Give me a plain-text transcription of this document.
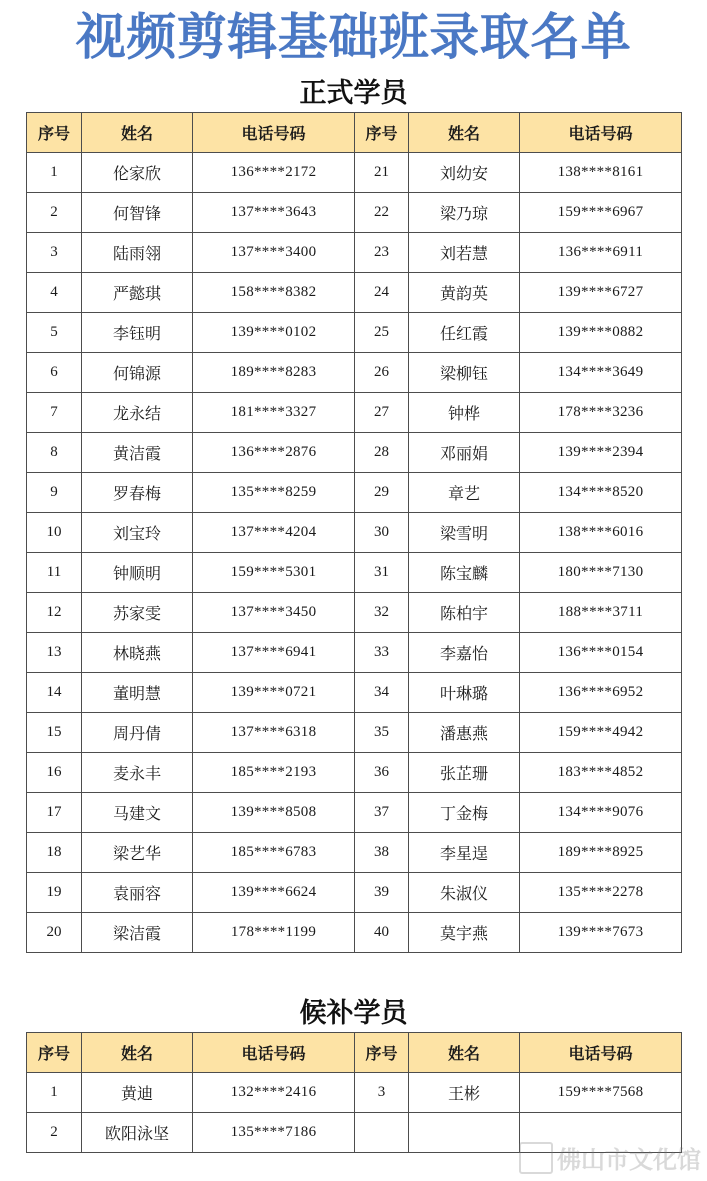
视频剪辑基础班录取名单
正式学员
序号	姓名	电话号码	序号	姓名	电话号码
1	伦家欣	136****2172	21	刘幼安	138****8161
2	何智锋	137****3643	22	梁乃琼	159****6967
3	陆雨翎	137****3400	23	刘若慧	136****6911
4	严懿琪	158****8382	24	黄韵英	139****6727
5	李钰明	139****0102	25	任红霞	139****0882
6	何锦源	189****8283	26	梁柳钰	134****3649
7	龙永结	181****3327	27	钟桦	178****3236
8	黄洁霞	136****2876	28	邓丽娟	139****2394
9	罗春梅	135****8259	29	章艺	134****8520
10	刘宝玲	137****4204	30	梁雪明	138****6016
11	钟顺明	159****5301	31	陈宝麟	180****7130
12	苏家雯	137****3450	32	陈柏宇	188****3711
13	林晓燕	137****6941	33	李嘉怡	136****0154
14	董明慧	139****0721	34	叶琳璐	136****6952
15	周丹倩	137****6318	35	潘惠燕	159****4942
16	麦永丰	185****2193	36	张芷珊	183****4852
17	马建文	139****8508	37	丁金梅	134****9076
18	梁艺华	185****6783	38	李星逞	189****8925
19	袁丽容	139****6624	39	朱淑仪	135****2278
20	梁洁霞	178****1199	40	莫宇燕	139****7673
候补学员
序号	姓名	电话号码	序号	姓名	电话号码
1	黄迪	132****2416	3	王彬	159****7568
2	欧阳泳坚	135****7186			
佛山市文化馆
